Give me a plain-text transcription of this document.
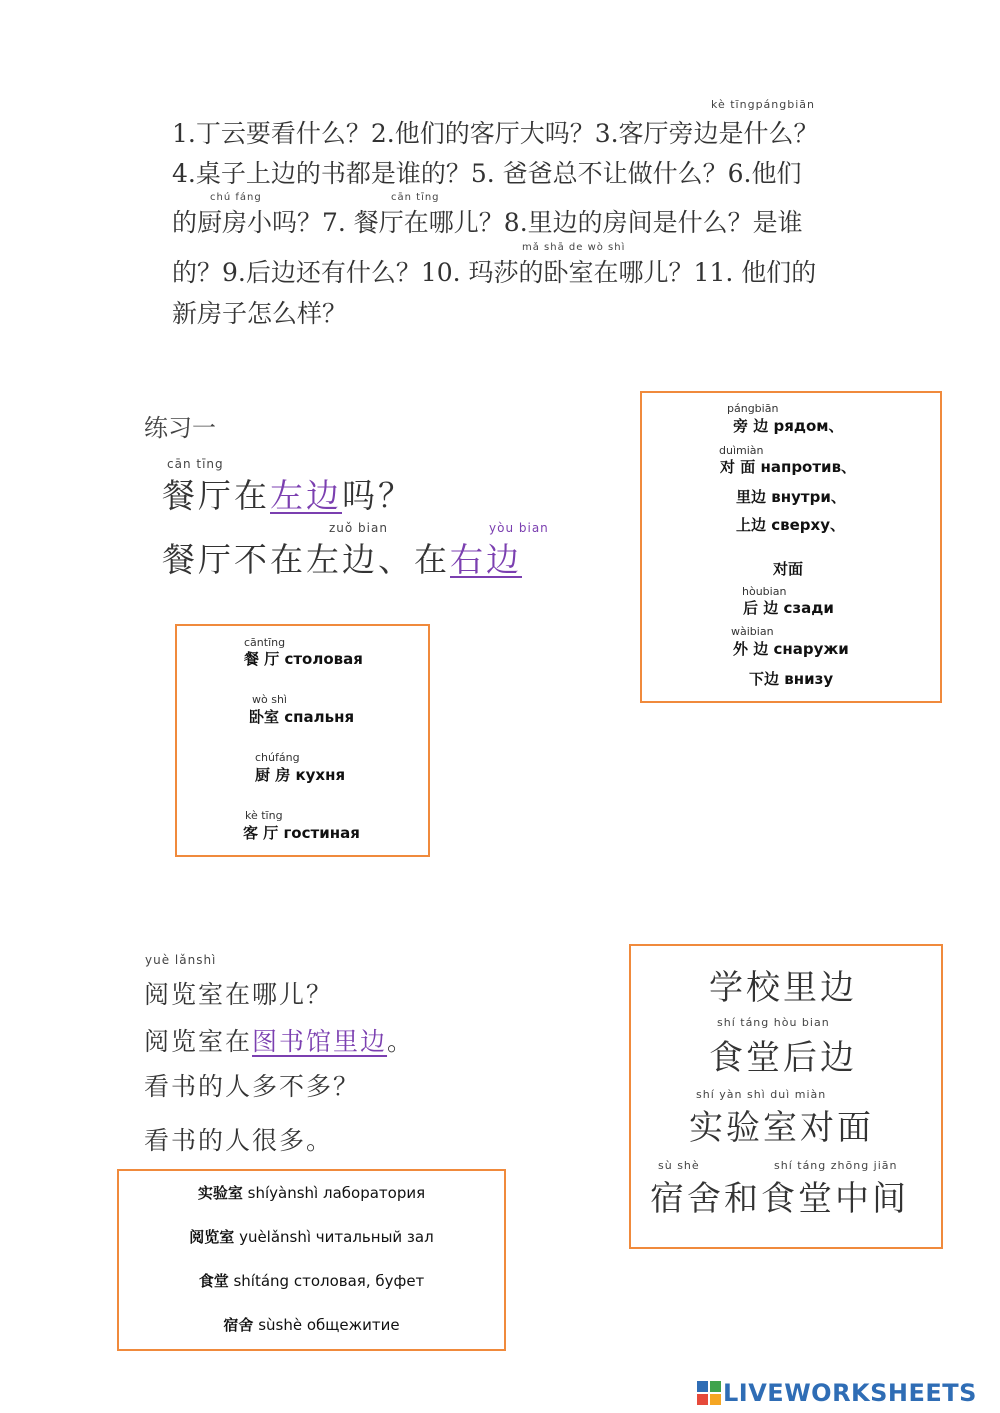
kè tīngpángbiān
1.丁云要看什么？2.他们的客厅大吗？3.客厅旁边是什么？
4.桌子上边的书都是谁的？5. 爸爸总不让做什么？6.他们
chú fáng	cān tīng
的厨房小吗？7. 餐厅在哪儿？8.里边的房间是什么？是谁
mǎ shā de wò shì
的？9.后边还有什么？10. 玛莎的卧室在哪儿？11. 他们的
新房子怎么样？
练习一
cān tīng
餐厅在左边吗？
zuǒ bian	yòu bian
餐厅不在左边、在右边
cāntīng
餐 厅 столовая
wò shì
卧室 спальня
chúfáng
厨 房 кухня
kè tīng
客 厅 гостиная
pángbiān
旁 边 рядом、
duìmiàn
对 面 напротив、
里边 внутри、
上边 сверху、
对面
hòubian
后 边 сзади
wàibian
外 边 снаружи
下边 внизу
yuè lǎnshì
阅览室在哪儿？
阅览室在图书馆里边。
看书的人多不多？
看书的人很多。
实验室 shíyànshì лаборатория
阅览室 yuèlǎnshì читальный зал
食堂 shítáng столовая, буфет
宿舍 sùshè общежитие
学校里边
shí táng hòu bian
食堂后边
shí yàn shì duì miàn
实验室对面
sù shè	shí táng zhōng jiān
宿舍和食堂中间
LIVEWORKSHEETS
